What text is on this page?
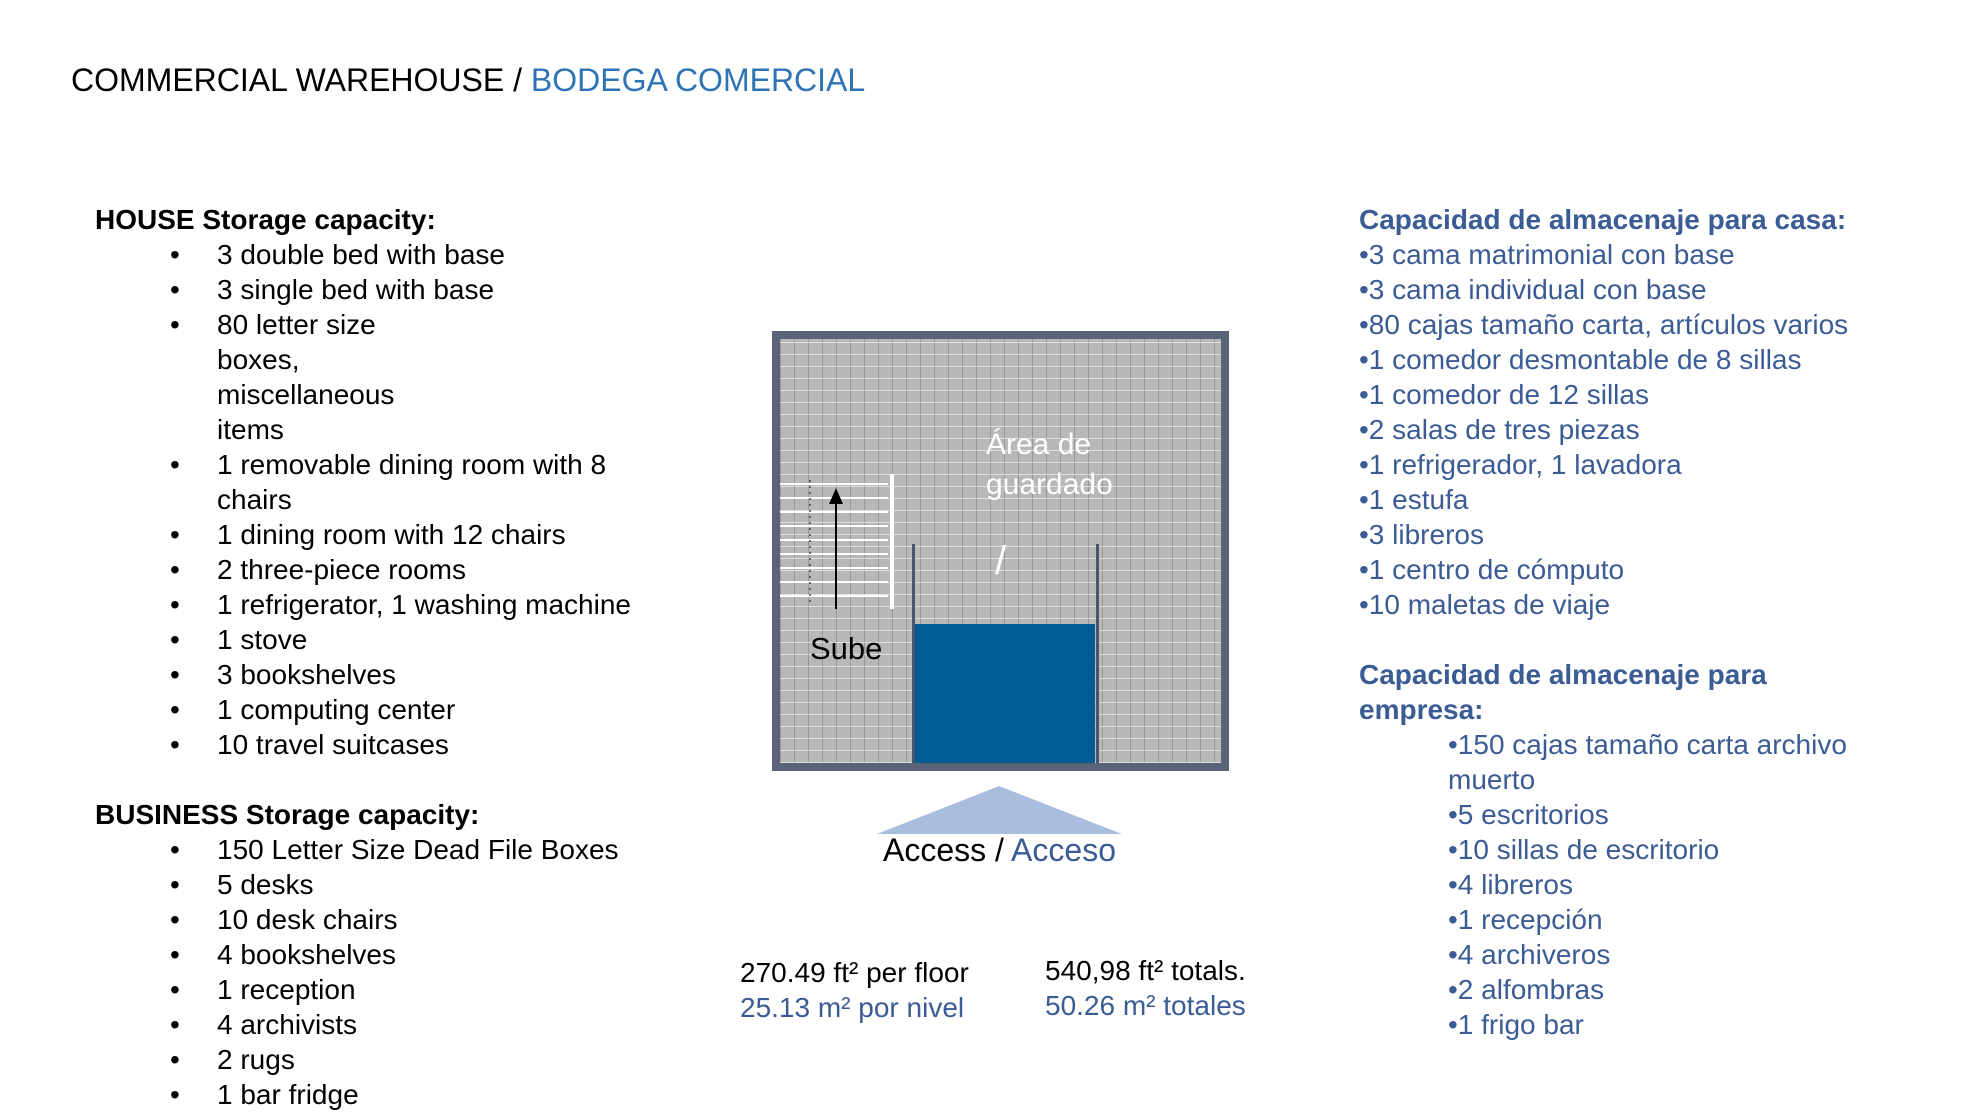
COMMERCIAL WAREHOUSE / BODEGA COMERCIAL

HOUSE Storage capacity:

• 3 double bed with base
• 3 single bed with base
• 80 letter size boxes, miscellaneous items
• 1 removable dining room with 8 chairs
• 1 dining room with 12 chairs
• 2 three-piece rooms
• 1 refrigerator, 1 washing machine
• 1 stove
• 3 bookshelves
• 1 computing center
• 10 travel suitcases

BUSINESS Storage capacity:

• 150 Letter Size Dead File Boxes
• 5 desks
• 10 desk chairs
• 4 bookshelves
• 1 reception
• 4 archivists
• 2 rugs
• 1 bar fridge
Área de guardado
/
Sube
Access / Acceso
270.49 ft² per floor
25.13 m² por nivel
540,98 ft² totals.
50.26 m² totales

Capacidad de almacenaje para casa:

•3 cama matrimonial con base
•3 cama individual con base
•80 cajas tamaño carta, artículos varios
•1 comedor desmontable de 8 sillas
•1 comedor de 12 sillas
•2 salas de tres piezas
•1 refrigerador, 1 lavadora
•1 estufa
•3 libreros
•1 centro de cómputo
•10 maletas de viaje

Capacidad de almacenaje para empresa:

•150 cajas tamaño carta archivo muerto
•5 escritorios
•10 sillas de escritorio
•4 libreros
•1 recepción
•4 archiveros
•2 alfombras
•1 frigo bar
